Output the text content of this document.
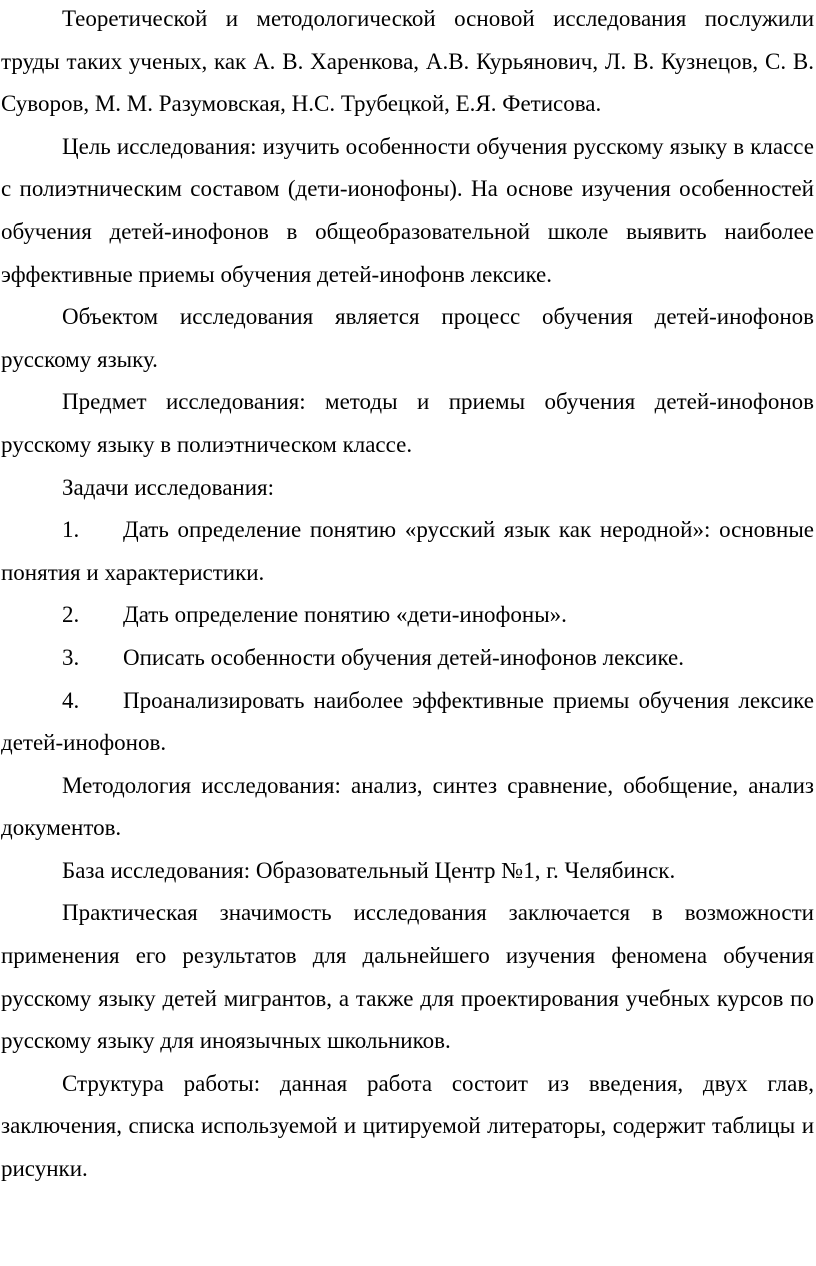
Теоретической и методологической основой исследования послужили труды таких ученых, как А. В. Харенкова, А.В. Курьянович, Л. В. Кузнецов, С. В. Суворов, М. М. Разумовская, Н.С. Трубецкой, Е.Я. Фетисова.

Цель исследования: изучить особенности обучения русскому языку в классе с полиэтническим составом (дети-ионофоны). На основе изучения особенностей обучения детей-инофонов в общеобразовательной школе выявить наиболее эффективные приемы обучения детей-инофонв лексике.

Объектом исследования является процесс обучения детей-инофонов русскому языку.

Предмет исследования: методы и приемы обучения детей-инофонов русскому языку в полиэтническом классе.

Задачи исследования:

1. Дать определение понятию «русский язык как неродной»: основные понятия и характеристики.

2. Дать определение понятию «дети-инофоны».

3. Описать особенности обучения детей-инофонов лексике.

4. Проанализировать наиболее эффективные приемы обучения лексике детей-инофонов.

Методология исследования: анализ, синтез сравнение, обобщение, анализ документов.

База исследования: Образовательный Центр №1, г. Челябинск.

Практическая значимость исследования заключается в возможности применения его результатов для дальнейшего изучения феномена обучения русскому языку детей мигрантов, а также для проектирования учебных курсов по русскому языку для иноязычных школьников.

Структура работы: данная работа состоит из введения, двух глав, заключения, списка используемой и цитируемой литераторы, содержит таблицы и рисунки.
